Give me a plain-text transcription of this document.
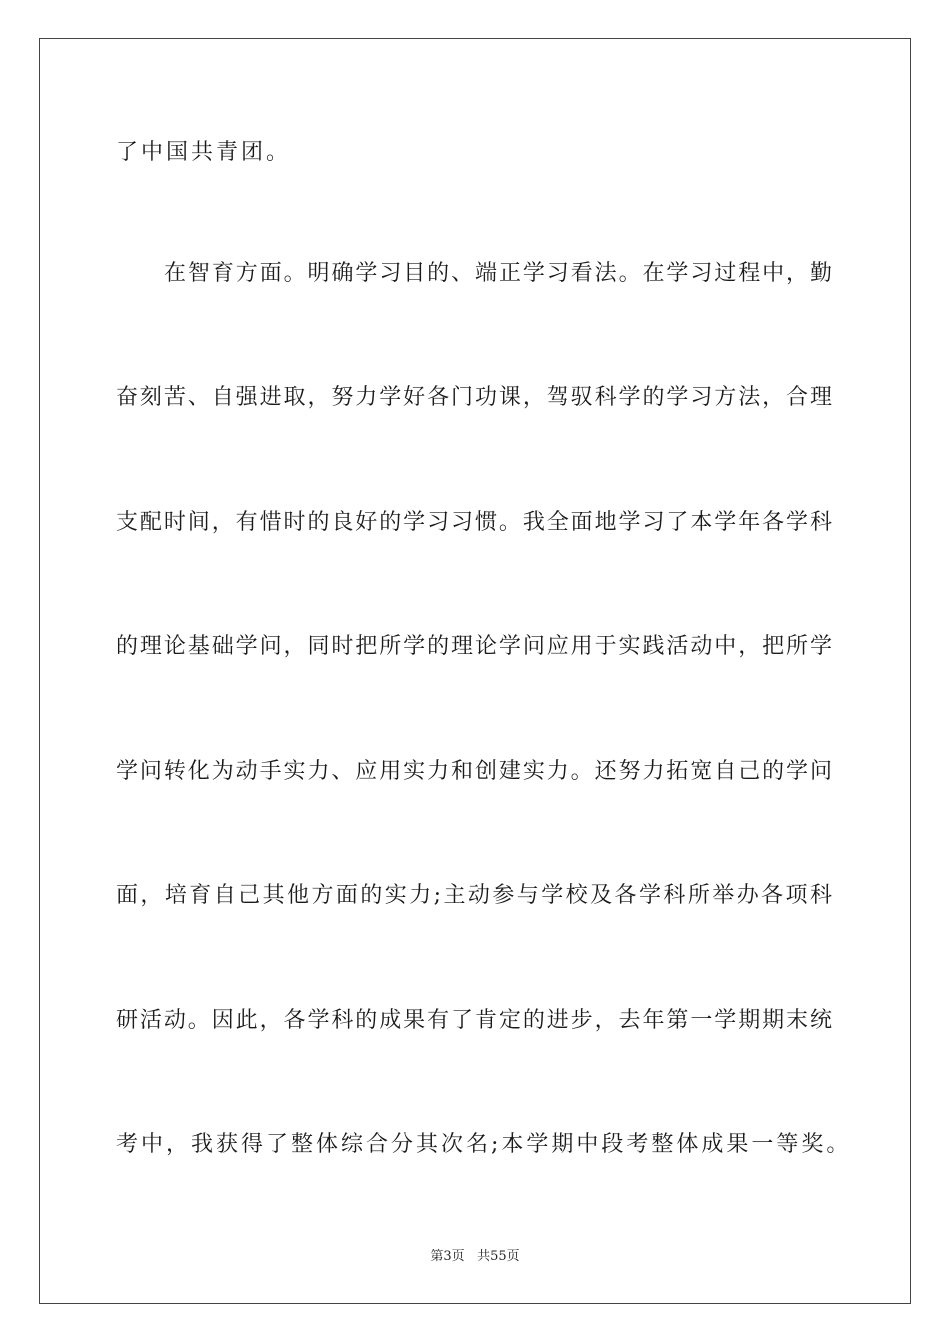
了中国共青团。
在智育方面。明确学习目的、端正学习看法。在学习过程中，勤
奋刻苦、自强进取，努力学好各门功课，驾驭科学的学习方法，合理
支配时间，有惜时的良好的学习习惯。我全面地学习了本学年各学科
的理论基础学问，同时把所学的理论学问应用于实践活动中，把所学
学问转化为动手实力、应用实力和创建实力。还努力拓宽自己的学问
面，培育自己其他方面的实力;主动参与学校及各学科所举办各项科
研活动。因此，各学科的成果有了肯定的进步，去年第一学期期末统
考中，我获得了整体综合分其次名;本学期中段考整体成果一等奖。
第3页 共55页
